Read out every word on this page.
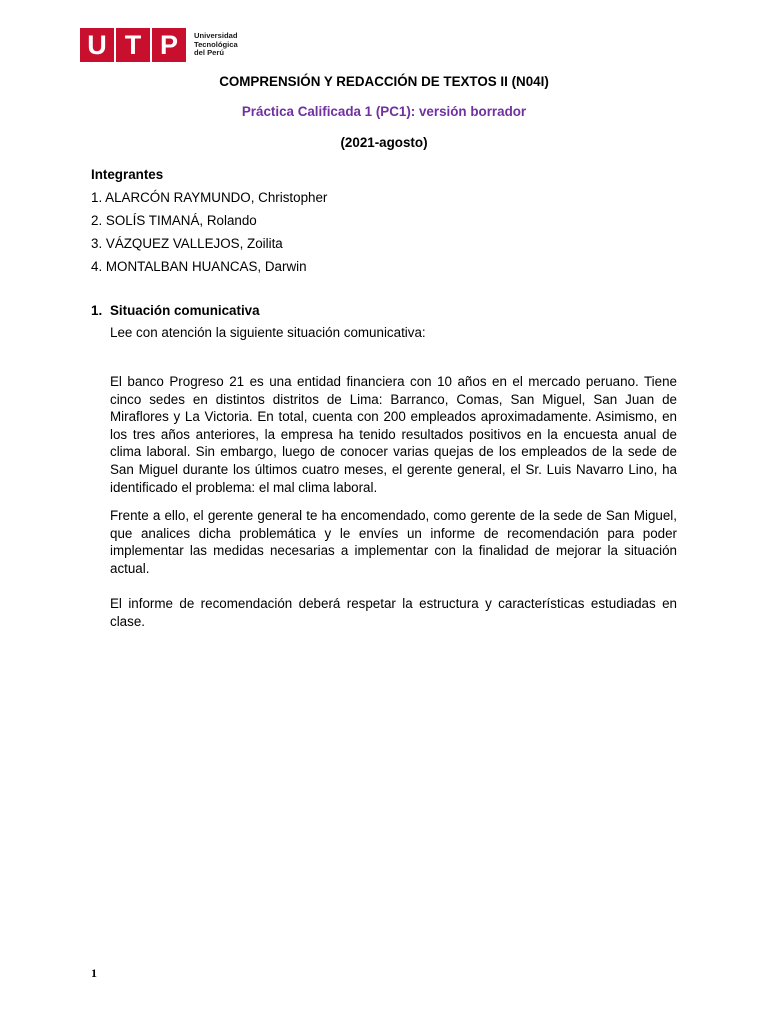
U T P	Universidad
Tecnológica
del Perú
COMPRENSIÓN Y REDACCIÓN DE TEXTOS II (N04I)
Práctica Calificada 1 (PC1): versión borrador
(2021-agosto)
Integrantes
1. ALARCÓN RAYMUNDO, Christopher
2. SOLÍS TIMANÁ, Rolando
3. VÁZQUEZ VALLEJOS, Zoilita
4. MONTALBAN HUANCAS, Darwin
1. Situación comunicativa
Lee con atención la siguiente situación comunicativa:

El banco Progreso 21 es una entidad financiera con 10 años en el mercado peruano. Tiene cinco sedes en distintos distritos de Lima: Barranco, Comas, San Miguel, San Juan de Miraflores y La Victoria. En total, cuenta con 200 empleados aproximadamente. Asimismo, en los tres años anteriores, la empresa ha tenido resultados positivos en la encuesta anual de clima laboral. Sin embargo, luego de conocer varias quejas de los empleados de la sede de San Miguel durante los últimos cuatro meses, el gerente general, el Sr. Luis Navarro Lino, ha identificado el problema: el mal clima laboral.

Frente a ello, el gerente general te ha encomendado, como gerente de la sede de San Miguel, que analices dicha problemática y le envíes un informe de recomendación para poder implementar las medidas necesarias a implementar con la finalidad de mejorar la situación actual.

El informe de recomendación deberá respetar la estructura y características estudiadas en clase.

1
